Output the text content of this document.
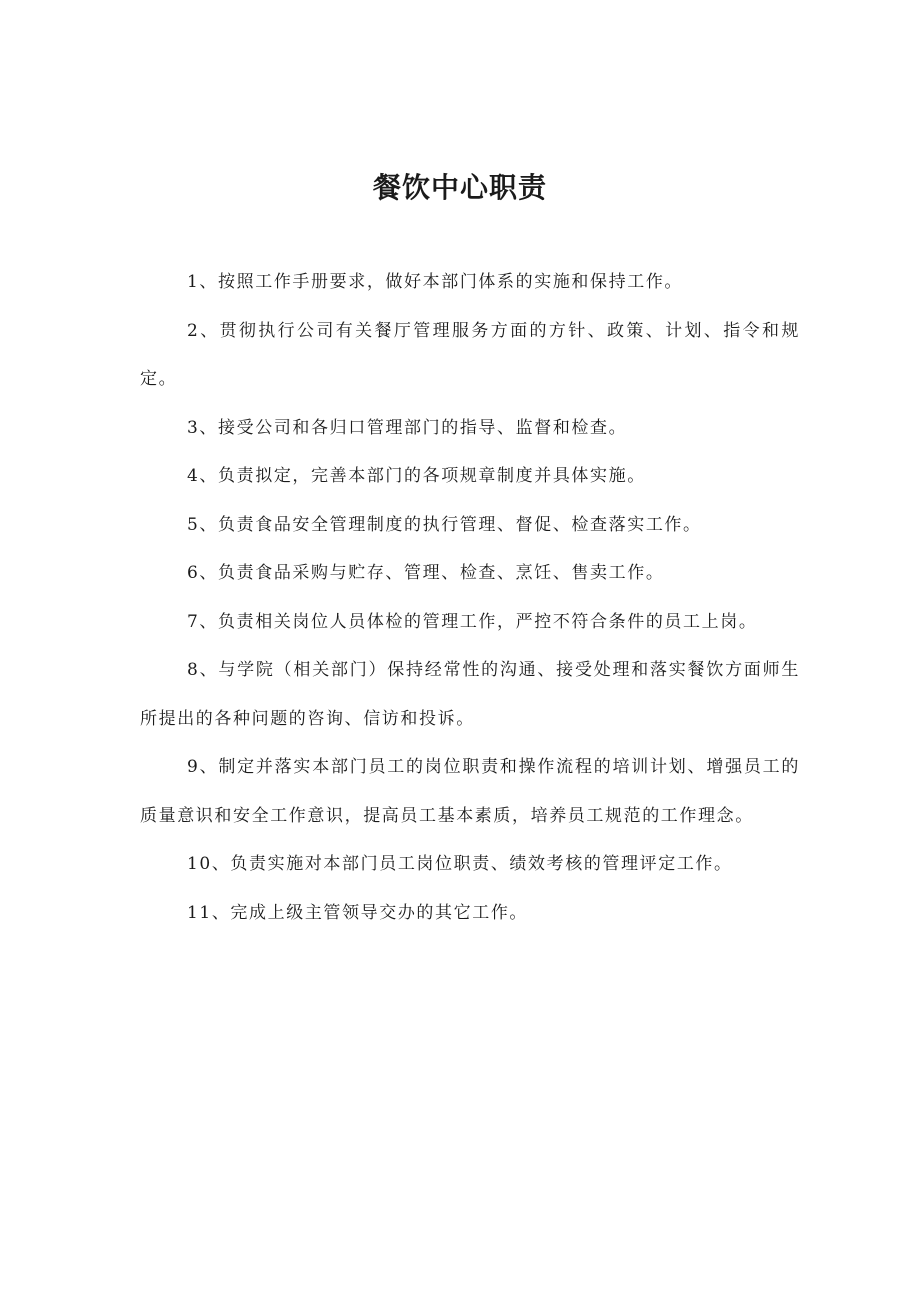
餐饮中心职责

1、按照工作手册要求，做好本部门体系的实施和保持工作。

2、贯彻执行公司有关餐厅管理服务方面的方针、政策、计划、指令和规定。

3、接受公司和各归口管理部门的指导、监督和检查。

4、负责拟定，完善本部门的各项规章制度并具体实施。

5、负责食品安全管理制度的执行管理、督促、检查落实工作。

6、负责食品采购与贮存、管理、检查、烹饪、售卖工作。

7、负责相关岗位人员体检的管理工作，严控不符合条件的员工上岗。

8、与学院（相关部门）保持经常性的沟通、接受处理和落实餐饮方面师生所提出的各种问题的咨询、信访和投诉。

9、制定并落实本部门员工的岗位职责和操作流程的培训计划、增强员工的质量意识和安全工作意识，提高员工基本素质，培养员工规范的工作理念。

10、负责实施对本部门员工岗位职责、绩效考核的管理评定工作。

11、完成上级主管领导交办的其它工作。
